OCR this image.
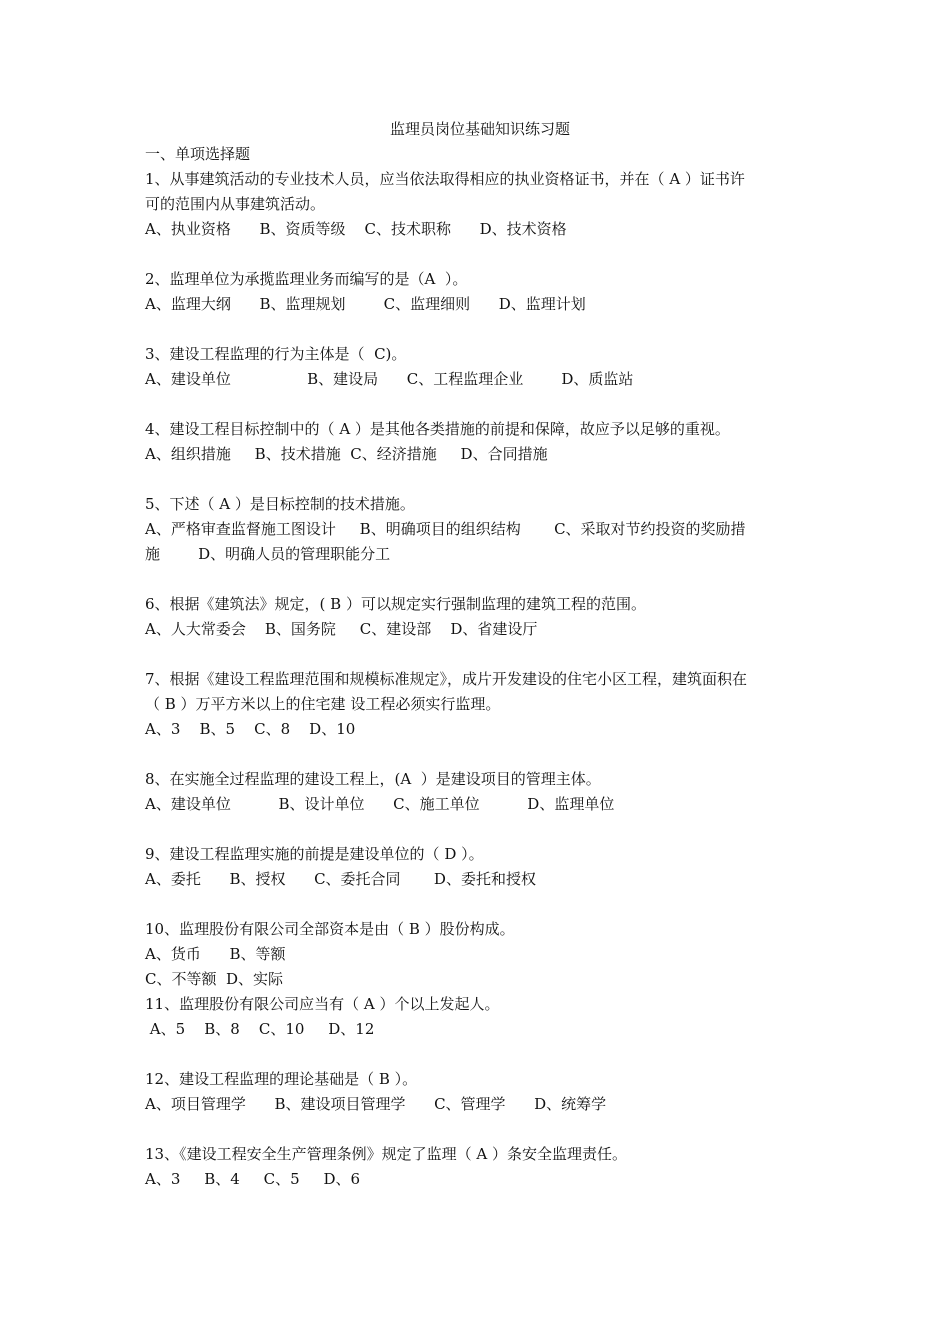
监理员岗位基础知识练习题

一、单项选择题

1、从事建筑活动的专业技术人员，应当依法取得相应的执业资格证书，并在（ A ）证书许

可的范围内从事建筑活动。

A、执业资格      B、资质等级    C、技术职称      D、技术资格

2、监理单位为承揽监理业务而编写的是（A  ）。

A、监理大纲      B、监理规划        C、监理细则      D、监理计划

3、建设工程监理的行为主体是（  C)。

A、建设单位                B、建设局      C、工程监理企业        D、质监站

4、建设工程目标控制中的（ A ）是其他各类措施的前提和保障，故应予以足够的重视。

A、组织措施     B、技术措施  C、经济措施     D、合同措施

5、下述（ A ）是目标控制的技术措施。

A、严格审查监督施工图设计     B、明确项目的组织结构       C、采取对节约投资的奖励措

施        D、明确人员的管理职能分工

6、根据《建筑法》规定，( B ）可以规定实行强制监理的建筑工程的范围。

A、人大常委会    B、国务院     C、建设部    D、省建设厅

7、根据《建设工程监理范围和规模标准规定》，成片开发建设的住宅小区工程，建筑面积在

（ B ）万平方米以上的住宅建 设工程必须实行监理。

A、3    B、5    C、8    D、10

8、在实施全过程监理的建设工程上，(A  ）是建设项目的管理主体。

A、建设单位          B、设计单位      C、施工单位          D、监理单位

9、建设工程监理实施的前提是建设单位的（ D ）。

A、委托      B、授权      C、委托合同       D、委托和授权

10、监理股份有限公司全部资本是由（ B ）股份构成。

A、货币      B、等额

C、不等额  D、实际

11、监理股份有限公司应当有（ A ）个以上发起人。

A、5    B、8    C、10     D、12

12、建设工程监理的理论基础是（ B ）。

A、项目管理学      B、建设项目管理学      C、管理学      D、统筹学

13、《建设工程安全生产管理条例》规定了监理（ A ）条安全监理责任。

A、3     B、4     C、5     D、6
